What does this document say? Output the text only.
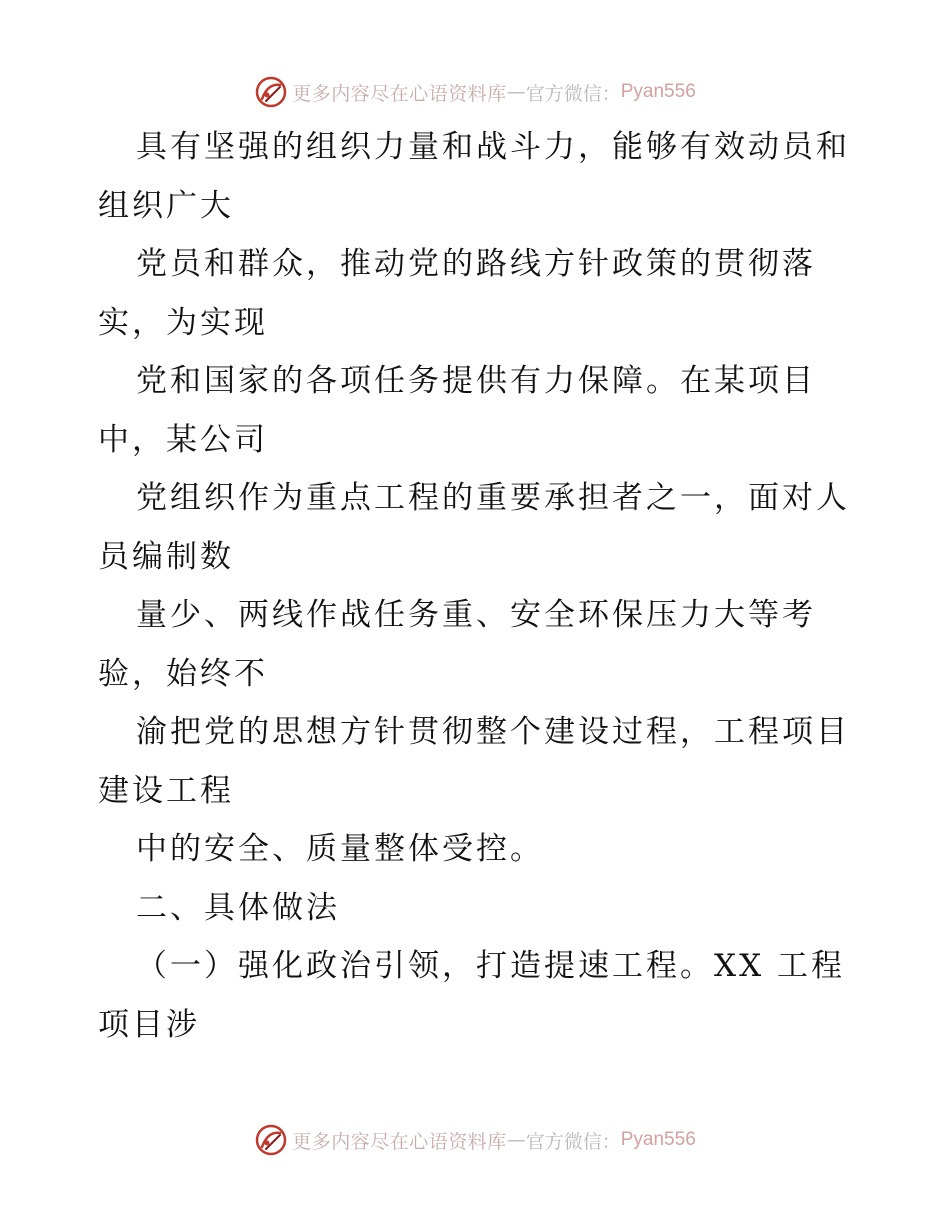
更多内容尽在心语资料库 — 官方微信： Pyan556
具有坚强的组织力量和战斗力，能够有效动员和
组织广大
党员和群众，推动党的路线方针政策的贯彻落
实，为实现
党和国家的各项任务提供有力保障。在某项目
中，某公司
党组织作为重点工程的重要承担者之一，面对人
员编制数
量少、两线作战任务重、安全环保压力大等考
验，始终不
渝把党的思想方针贯彻整个建设过程，工程项目
建设工程
中的安全、质量整体受控。
二、具体做法
（一）强化政治引领，打造提速工程。XX 工程
项目涉
更多内容尽在心语资料库 — 官方微信： Pyan556
